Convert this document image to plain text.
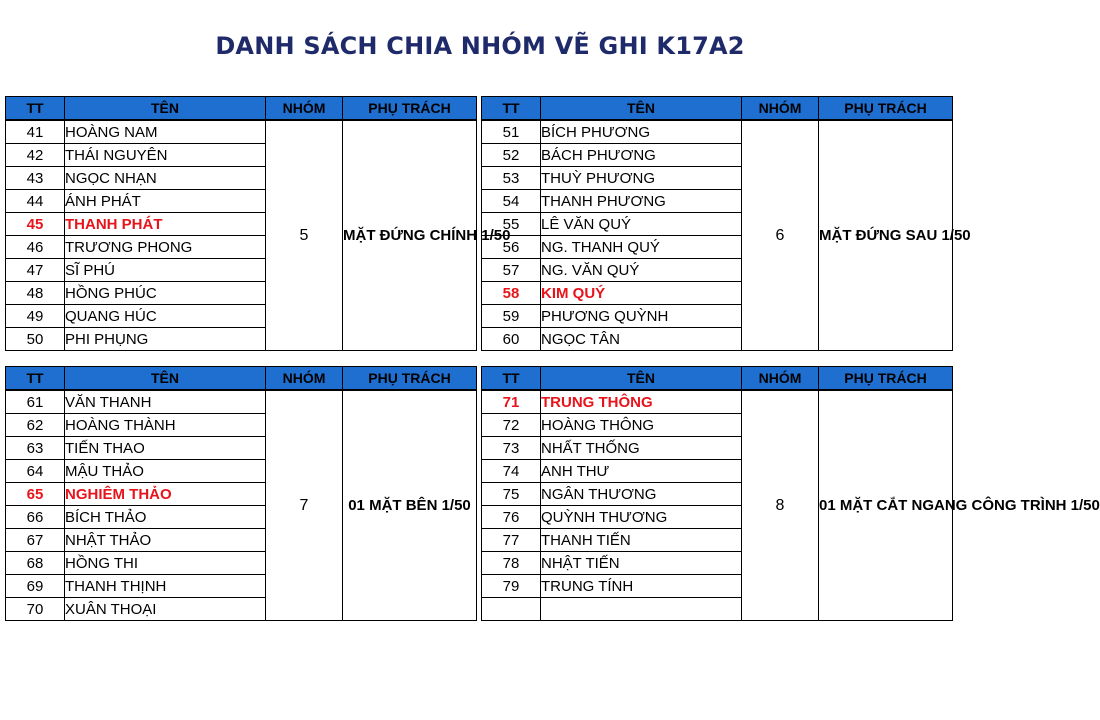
DANH SÁCH CHIA NHÓM VẼ GHI K17A2
TT	TÊN	NHÓM	PHỤ TRÁCH
41	HOÀNG NAM	5	MẶT ĐỨNG CHÍNH 1/50
42	THÁI NGUYÊN		
43	NGỌC NHẠN		
44	ÁNH PHÁT		
45	THANH PHÁT		
46	TRƯƠNG PHONG		
47	SĨ PHÚ		
48	HỒNG PHÚC		
49	QUANG HÚC		
50	PHI PHỤNG		
TT	TÊN	NHÓM	PHỤ TRÁCH
51	BÍCH PHƯƠNG	6	MẶT ĐỨNG SAU 1/50
52	BÁCH PHƯƠNG		
53	THUỲ PHƯƠNG		
54	THANH PHƯƠNG		
55	LÊ VĂN QUÝ		
56	NG. THANH QUÝ		
57	NG. VĂN QUÝ		
58	KIM QUÝ		
59	PHƯƠNG QUỲNH		
60	NGỌC TÂN		
TT	TÊN	NHÓM	PHỤ TRÁCH
61	VĂN THANH	7	01 MẶT BÊN 1/50
62	HOÀNG THÀNH		
63	TIẾN THAO		
64	MẬU THẢO		
65	NGHIÊM THẢO		
66	BÍCH THẢO		
67	NHẬT THẢO		
68	HỒNG THI		
69	THANH THỊNH		
70	XUÂN THOẠI		
TT	TÊN	NHÓM	PHỤ TRÁCH
71	TRUNG THÔNG	8	01 MẶT CẮT NGANG CÔNG TRÌNH 1/50
72	HOÀNG THÔNG		
73	NHẤT THỐNG		
74	ANH THƯ		
75	NGÂN THƯƠNG		
76	QUỲNH THƯƠNG		
77	THANH TIẾN		
78	NHẬT TIẾN		
79	TRUNG TÍNH		
